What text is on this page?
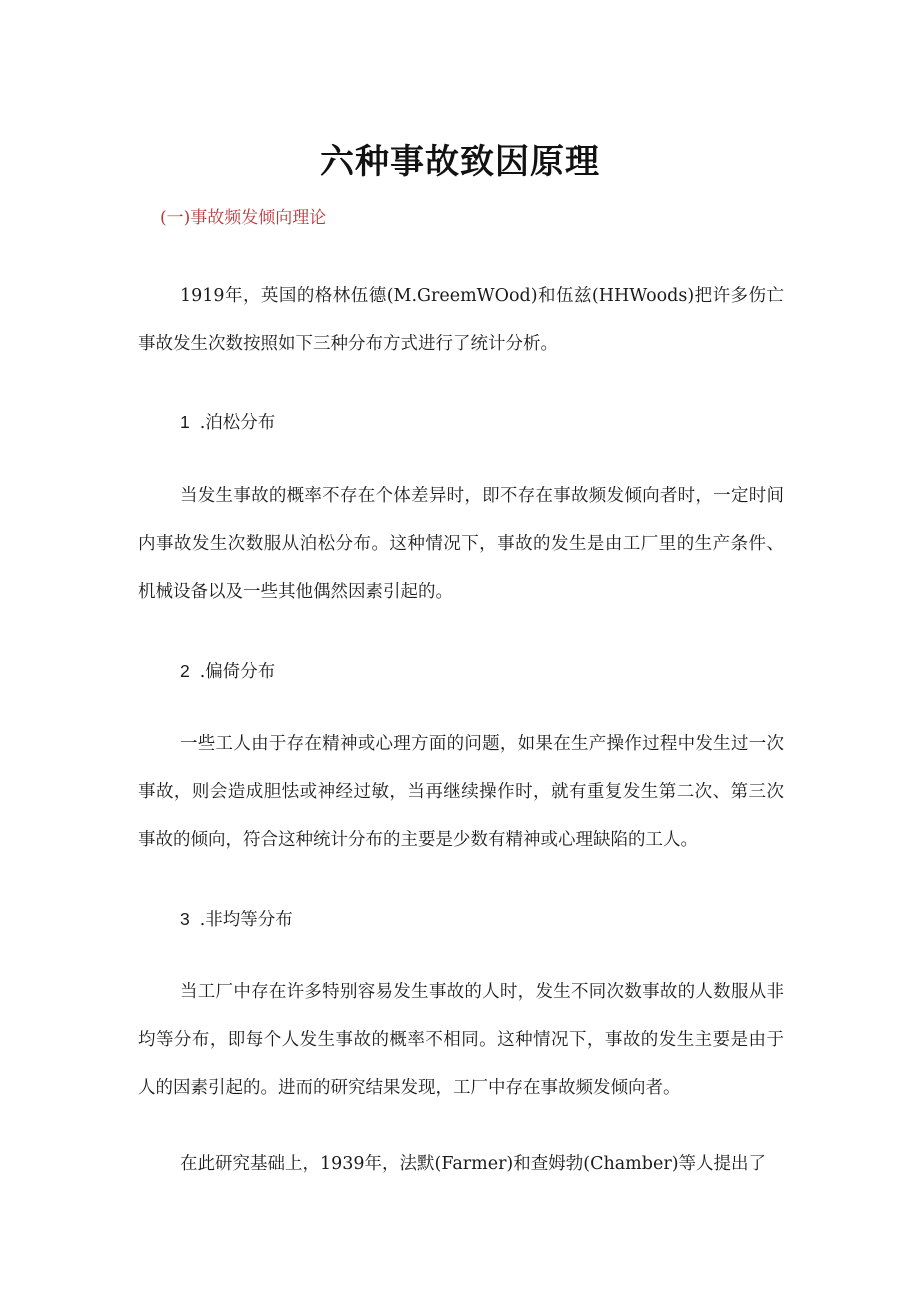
六种事故致因原理

(一)事故频发倾向理论

1919年，英国的格林伍德(M.GreemWOod)和伍兹(HHWoods)把许多伤亡事故发生次数按照如下三种分布方式进行了统计分析。

1 .泊松分布

当发生事故的概率不存在个体差异时，即不存在事故频发倾向者时，一定时间内事故发生次数服从泊松分布。这种情况下，事故的发生是由工厂里的生产条件、机械设备以及一些其他偶然因素引起的。

2 .偏倚分布

一些工人由于存在精神或心理方面的问题，如果在生产操作过程中发生过一次事故，则会造成胆怯或神经过敏，当再继续操作时，就有重复发生第二次、第三次事故的倾向，符合这种统计分布的主要是少数有精神或心理缺陷的工人。

3 .非均等分布

当工厂中存在许多特别容易发生事故的人时，发生不同次数事故的人数服从非均等分布，即每个人发生事故的概率不相同。这种情况下，事故的发生主要是由于人的因素引起的。进而的研究结果发现，工厂中存在事故频发倾向者。

在此研究基础上，1939年，法默(Farmer)和查姆勃(Chamber)等人提出了
